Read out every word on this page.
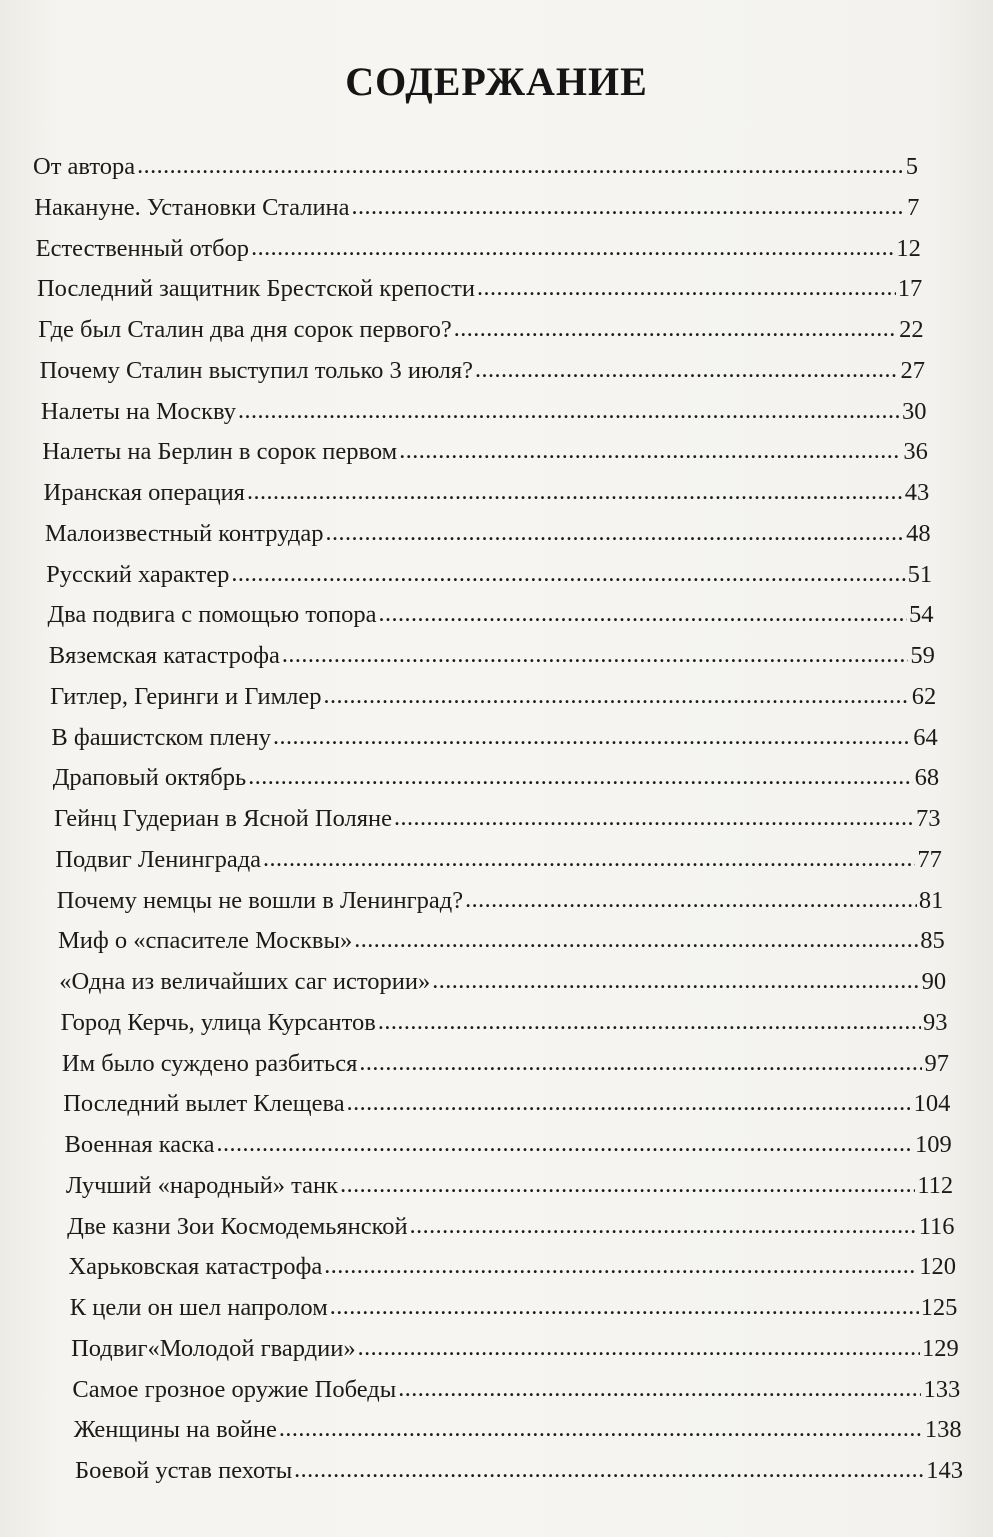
СОДЕРЖАНИЕ
От автора .....	5
Накануне. Установки Сталина .....	7
Естественный отбор .....	12
Последний защитник Брестской крепости .....	17
Где был Сталин два дня сорок первого? .....	22
Почему Сталин выступил только 3 июля? .....	27
Налеты на Москву .....	30
Налеты на Берлин в сорок первом .....	36
Иранская операция .....	43
Малоизвестный контрудар .....	48
Русский характер .....	51
Два подвига с помощью топора .....	54
Вяземская катастрофа .....	59
Гитлер, Геринги и Гимлер .....	62
В фашистском плену .....	64
Драповый октябрь .....	68
Гейнц Гудериан в Ясной Поляне .....	73
Подвиг Ленинграда .....	77
Почему немцы не вошли в Ленинград? .....	81
Миф о «спасителе Москвы» .....	85
«Одна из величайших саг истории» .....	90
Город Керчь, улица Курсантов .....	93
Им было суждено разбиться .....	97
Последний вылет Клещева .....	104
Военная каска .....	109
Лучший «народный» танк .....	112
Две казни Зои Космодемьянской .....	116
Харьковская катастрофа .....	120
К цели он шел напролом .....	125
Подвиг«Молодой гвардии» .....	129
Самое грозное оружие Победы .....	133
Женщины на войне .....	138
Боевой устав пехоты .....	143
